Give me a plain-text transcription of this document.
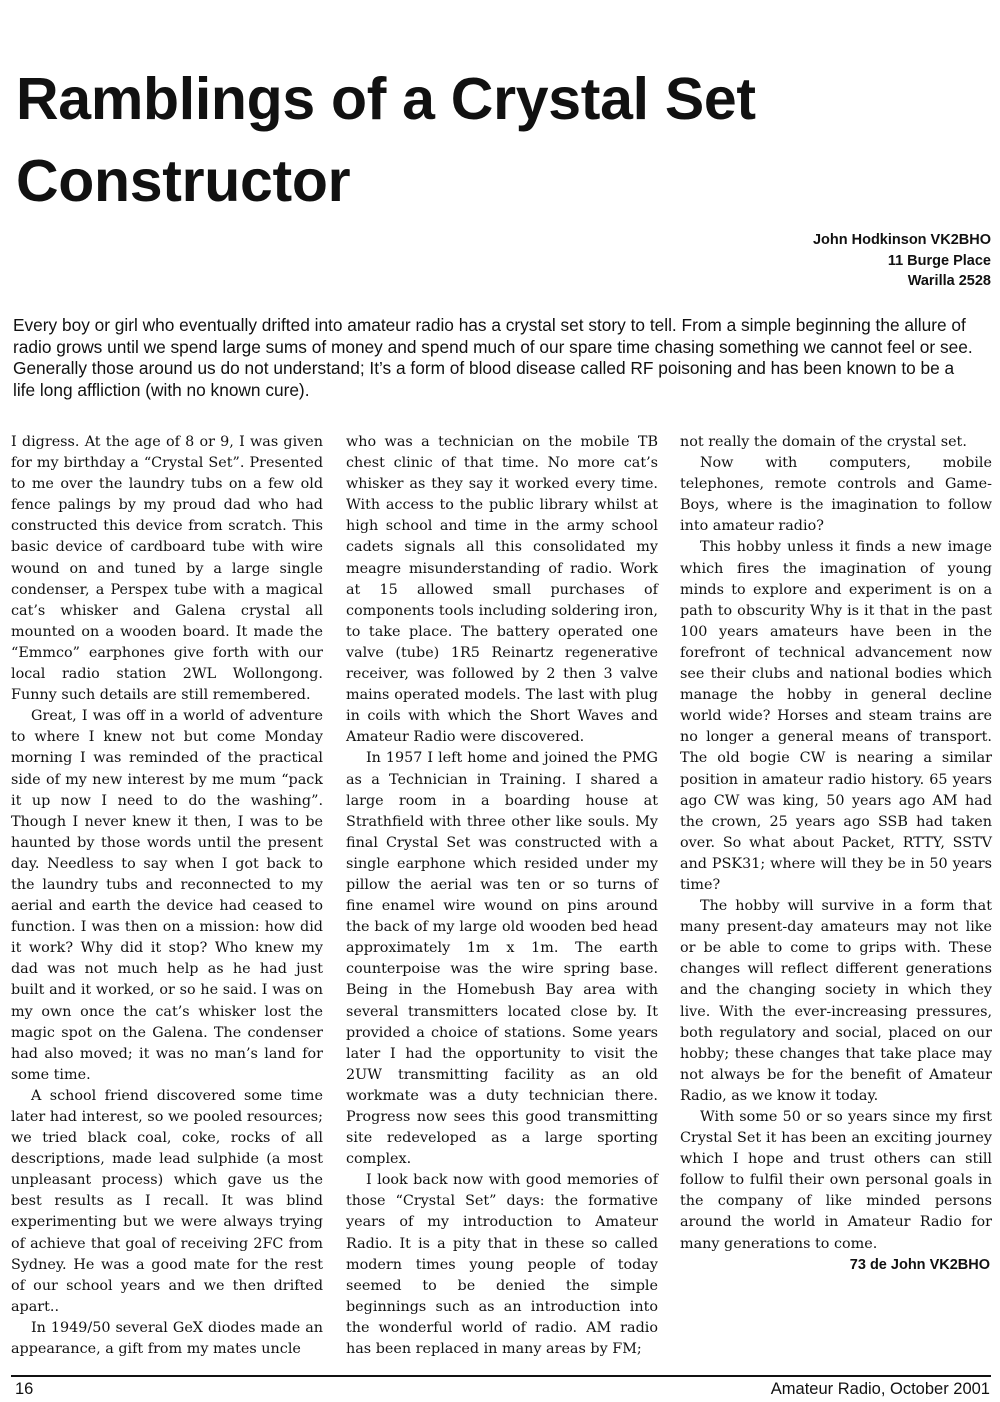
Ramblings of a Crystal Set
Constructor
John Hodkinson VK2BHO
11 Burge Place
Warilla 2528

Every boy or girl who eventually drifted into amateur radio has a crystal set story to tell. From a simple beginning the allure of radio grows until we spend large sums of money and spend much of our spare time chasing something we cannot feel or see. Generally those around us do not understand; It’s a form of blood disease called RF poisoning and has been known to be a life long affliction (with no known cure).

I digress. At the age of 8 or 9, I was given for my birthday a “Crystal Set”. Presented to me over the laundry tubs on a few old fence palings by my proud dad who had constructed this device from scratch. This basic device of cardboard tube with wire wound on and tuned by a large single condenser, a Perspex tube with a magical cat’s whisker and Galena crystal all mounted on a wooden board. It made the “Emmco” earphones give forth with our local radio station 2WL Wollongong. Funny such details are still remembered.

Great, I was off in a world of adventure to where I knew not but come Monday morning I was reminded of the practical side of my new interest by me mum “pack it up now I need to do the washing”. Though I never knew it then, I was to be haunted by those words until the present day. Needless to say when I got back to the laundry tubs and reconnected to my aerial and earth the device had ceased to function. I was then on a mission: how did it work? Why did it stop? Who knew my dad was not much help as he had just built and it worked, or so he said. I was on my own once the cat’s whisker lost the magic spot on the Galena. The condenser had also moved; it was no man’s land for some time.

A school friend discovered some time later had interest, so we pooled resources; we tried black coal, coke, rocks of all descriptions, made lead sulphide (a most unpleasant process) which gave us the best results as I recall. It was blind experimenting but we were always trying of achieve that goal of receiving 2FC from Sydney. He was a good mate for the rest of our school years and we then drifted apart..

In 1949/50 several GeX diodes made an appearance, a gift from my mates uncle

who was a technician on the mobile TB chest clinic of that time. No more cat’s whisker as they say it worked every time. With access to the public library whilst at high school and time in the army school cadets signals all this consolidated my meagre misunderstanding of radio. Work at 15 allowed small purchases of components tools including soldering iron, to take place. The battery operated one valve (tube) 1R5 Reinartz regenerative receiver, was followed by 2 then 3 valve mains operated models. The last with plug in coils with which the Short Waves and Amateur Radio were discovered.

In 1957 I left home and joined the PMG as a Technician in Training. I shared a large room in a boarding house at Strathfield with three other like souls. My final Crystal Set was constructed with a single earphone which resided under my pillow the aerial was ten or so turns of fine enamel wire wound on pins around the back of my large old wooden bed head approximately 1m x 1m. The earth counterpoise was the wire spring base. Being in the Homebush Bay area with several transmitters located close by. It provided a choice of stations. Some years later I had the opportunity to visit the 2UW transmitting facility as an old workmate was a duty technician there. Progress now sees this good transmitting site redeveloped as a large sporting complex.

I look back now with good memories of those “Crystal Set” days: the formative years of my introduction to Amateur Radio. It is a pity that in these so called modern times young people of today seemed to be denied the simple beginnings such as an introduction into the wonderful world of radio. AM radio has been replaced in many areas by FM;

not really the domain of the crystal set.

Now with computers, mobile telephones, remote controls and Game-Boys, where is the imagination to follow into amateur radio?

This hobby unless it finds a new image which fires the imagination of young minds to explore and experiment is on a path to obscurity Why is it that in the past 100 years amateurs have been in the forefront of technical advancement now see their clubs and national bodies which manage the hobby in general decline world wide? Horses and steam trains are no longer a general means of transport. The old bogie CW is nearing a similar position in amateur radio history. 65 years ago CW was king, 50 years ago AM had the crown, 25 years ago SSB had taken over. So what about Packet, RTTY, SSTV and PSK31; where will they be in 50 years time?

The hobby will survive in a form that many present-day amateurs may not like or be able to come to grips with. These changes will reflect different generations and the changing society in which they live. With the ever-increasing pressures, both regulatory and social, placed on our hobby; these changes that take place may not always be for the benefit of Amateur Radio, as we know it today.

With some 50 or so years since my first Crystal Set it has been an exciting journey which I hope and trust others can still follow to fulfil their own personal goals in the company of like minded persons around the world in Amateur Radio for many generations to come.

73 de John VK2BHO
16	Amateur Radio, October 2001
